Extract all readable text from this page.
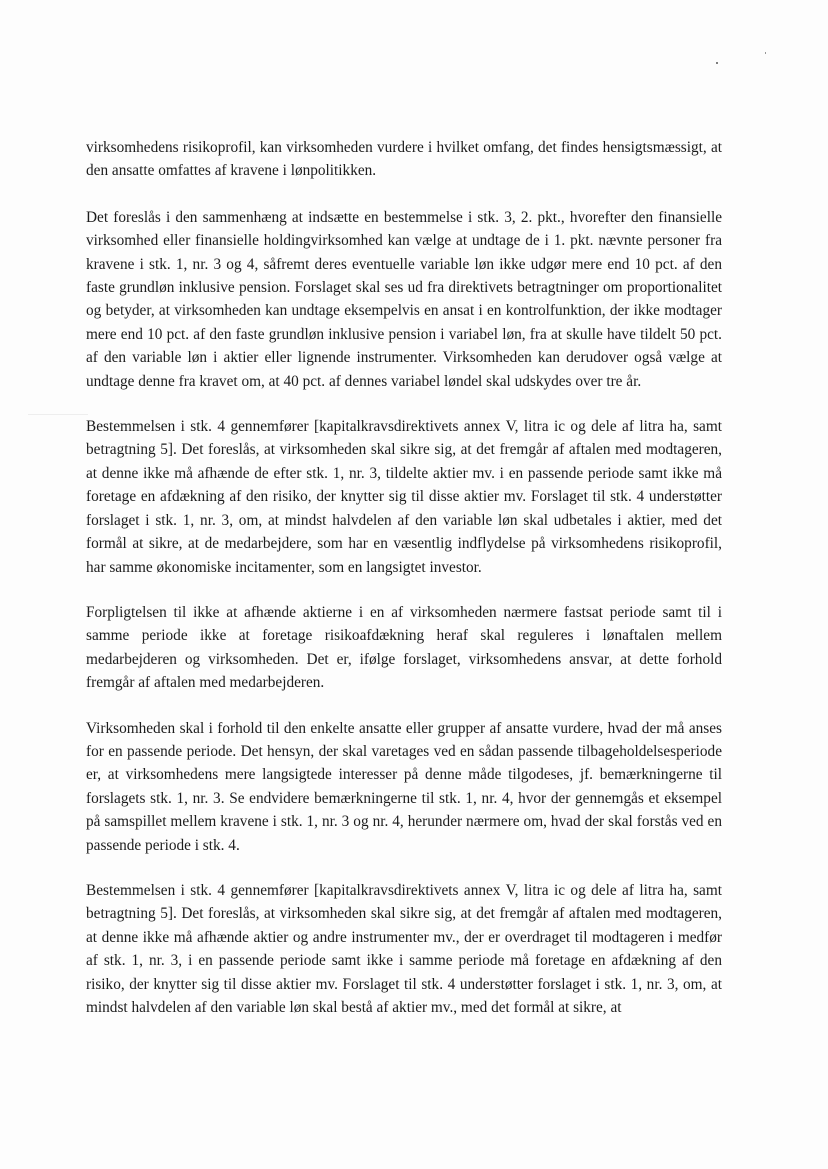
virksomhedens risikoprofil, kan virksomheden vurdere i hvilket omfang, det findes hensigtsmæssigt, at den ansatte omfattes af kravene i lønpolitikken.

Det foreslås i den sammenhæng at indsætte en bestemmelse i stk. 3, 2. pkt., hvorefter den finansielle virksomhed eller finansielle holdingvirksomhed kan vælge at undtage de i 1. pkt. nævnte personer fra kravene i stk. 1, nr. 3 og 4, såfremt deres eventuelle variable løn ikke udgør mere end 10 pct. af den faste grundløn inklusive pension. Forslaget skal ses ud fra direktivets betragtninger om proportionalitet og betyder, at virksomheden kan undtage eksempelvis en ansat i en kontrolfunktion, der ikke modtager mere end 10 pct. af den faste grundløn inklusive pension i variabel løn, fra at skulle have tildelt 50 pct. af den variable løn i aktier eller lignende instrumenter. Virksomheden kan derudover også vælge at undtage denne fra kravet om, at 40 pct. af dennes variabel løndel skal udskydes over tre år.

Bestemmelsen i stk. 4 gennemfører [kapitalkravsdirektivets annex V, litra ic og dele af litra ha, samt betragtning 5]. Det foreslås, at virksomheden skal sikre sig, at det fremgår af aftalen med modtageren, at denne ikke må afhænde de efter stk. 1, nr. 3, tildelte aktier mv. i en passende periode samt ikke må foretage en afdækning af den risiko, der knytter sig til disse aktier mv. Forslaget til stk. 4 understøtter forslaget i stk. 1, nr. 3, om, at mindst halvdelen af den variable løn skal udbetales i aktier, med det formål at sikre, at de medarbejdere, som har en væsentlig indflydelse på virksomhedens risikoprofil, har samme økonomiske incitamenter, som en langsigtet investor.

Forpligtelsen til ikke at afhænde aktierne i en af virksomheden nærmere fastsat periode samt til i samme periode ikke at foretage risikoafdækning heraf skal reguleres i lønaftalen mellem medarbejderen og virksomheden. Det er, ifølge forslaget, virksomhedens ansvar, at dette forhold fremgår af aftalen med medarbejderen.

Virksomheden skal i forhold til den enkelte ansatte eller grupper af ansatte vurdere, hvad der må anses for en passende periode. Det hensyn, der skal varetages ved en sådan passende tilbageholdelsesperiode er, at virksomhedens mere langsigtede interesser på denne måde tilgodeses, jf. bemærkningerne til forslagets stk. 1, nr. 3. Se endvidere bemærkningerne til stk. 1, nr. 4, hvor der gennemgås et eksempel på samspillet mellem kravene i stk. 1, nr. 3 og nr. 4, herunder nærmere om, hvad der skal forstås ved en passende periode i stk. 4.

Bestemmelsen i stk. 4 gennemfører [kapitalkravsdirektivets annex V, litra ic og dele af litra ha, samt betragtning 5]. Det foreslås, at virksomheden skal sikre sig, at det fremgår af aftalen med modtageren, at denne ikke må afhænde aktier og andre instrumenter mv., der er overdraget til modtageren i medfør af stk. 1, nr. 3, i en passende periode samt ikke i samme periode må foretage en afdækning af den risiko, der knytter sig til disse aktier mv. Forslaget til stk. 4 understøtter forslaget i stk. 1, nr. 3, om, at mindst halvdelen af den variable løn skal bestå af aktier mv., med det formål at sikre, at
